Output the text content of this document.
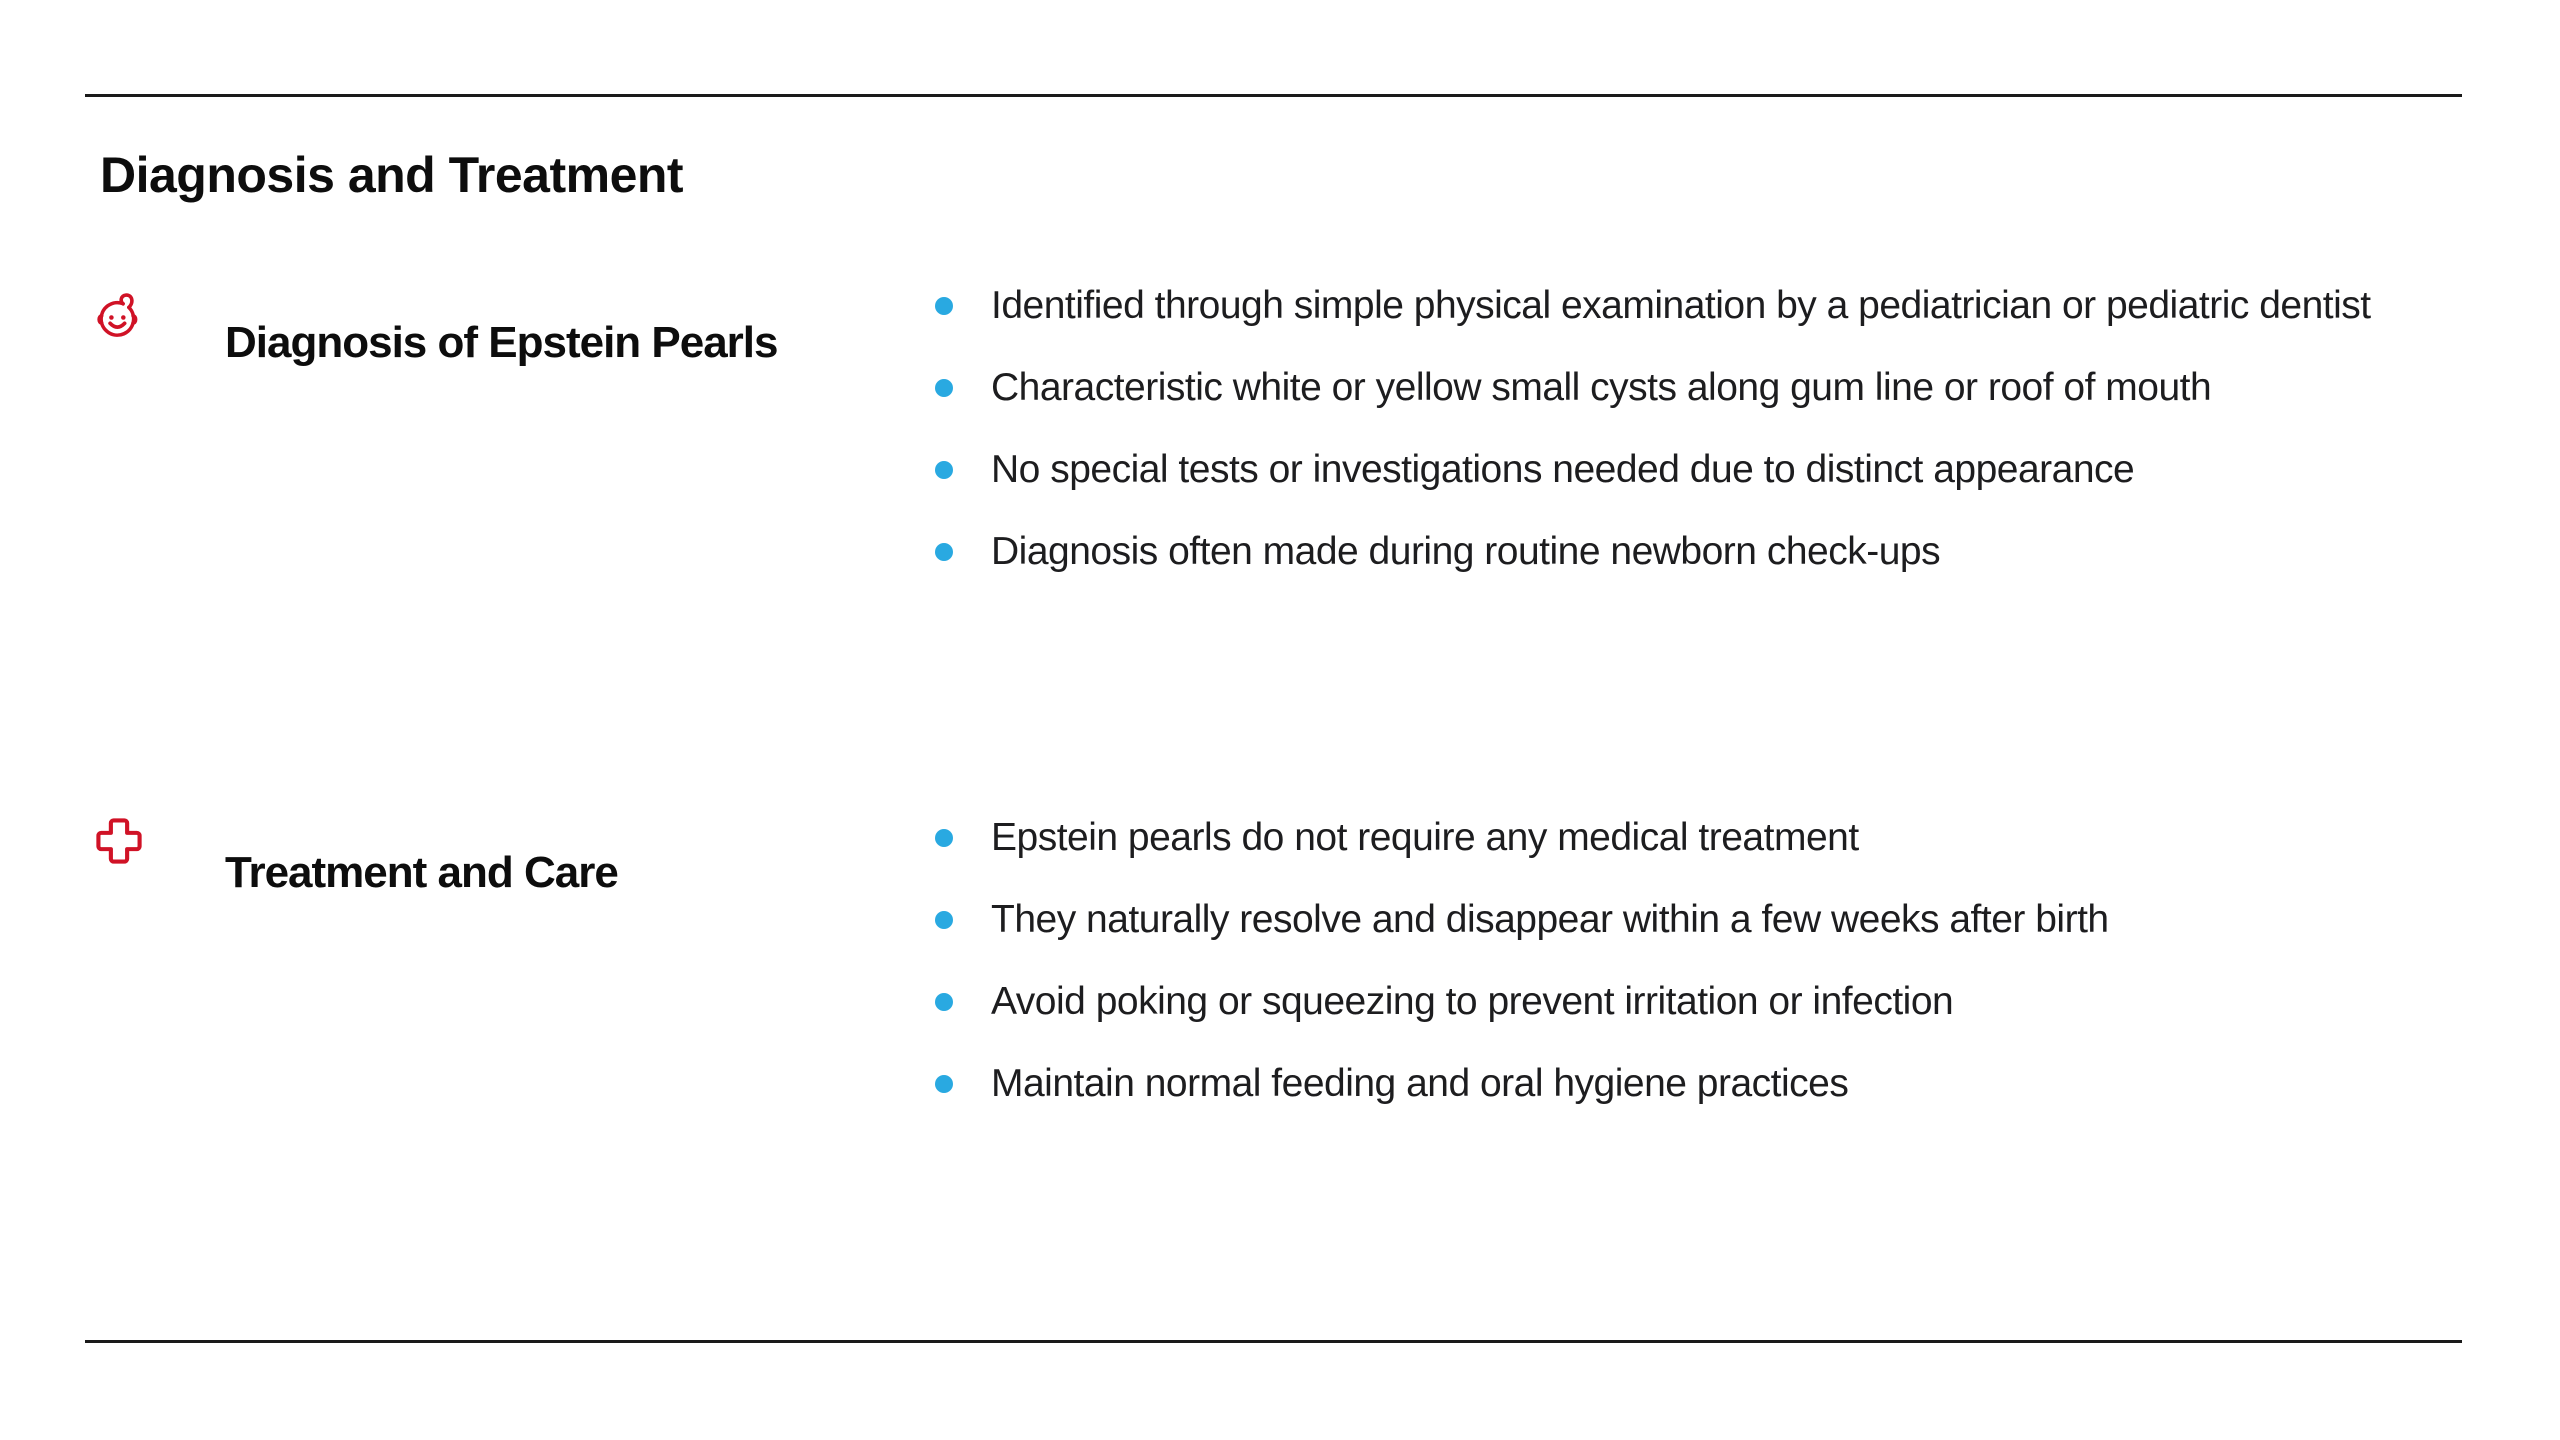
Diagnosis and Treatment
Diagnosis of Epstein Pearls
Identified through simple physical examination by a pediatrician or pediatric dentist
Characteristic white or yellow small cysts along gum line or roof of mouth
No special tests or investigations needed due to distinct appearance
Diagnosis often made during routine newborn check-ups
Treatment and Care
Epstein pearls do not require any medical treatment
They naturally resolve and disappear within a few weeks after birth
Avoid poking or squeezing to prevent irritation or infection
Maintain normal feeding and oral hygiene practices
